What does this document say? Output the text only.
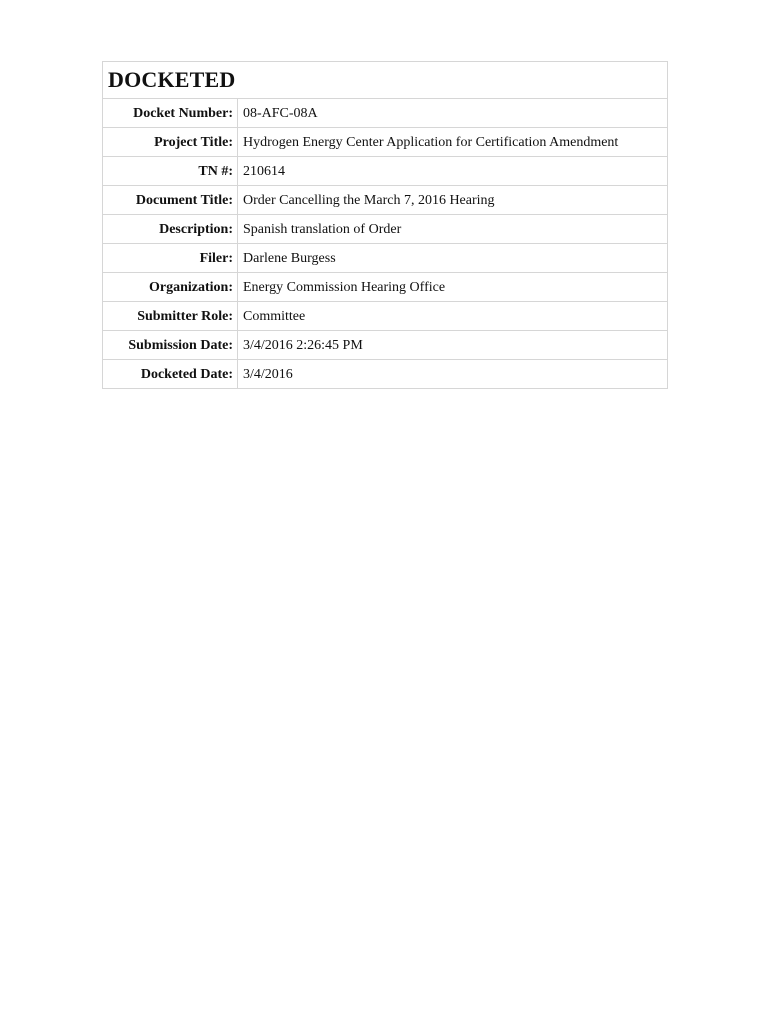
DOCKETED
Docket Number: 08-AFC-08A
Project Title: Hydrogen Energy Center Application for Certification Amendment
TN #: 210614
Document Title: Order Cancelling the March 7, 2016 Hearing
Description: Spanish translation of Order
Filer: Darlene Burgess
Organization: Energy Commission Hearing Office
Submitter Role: Committee
Submission Date: 3/4/2016 2:26:45 PM
Docketed Date: 3/4/2016
